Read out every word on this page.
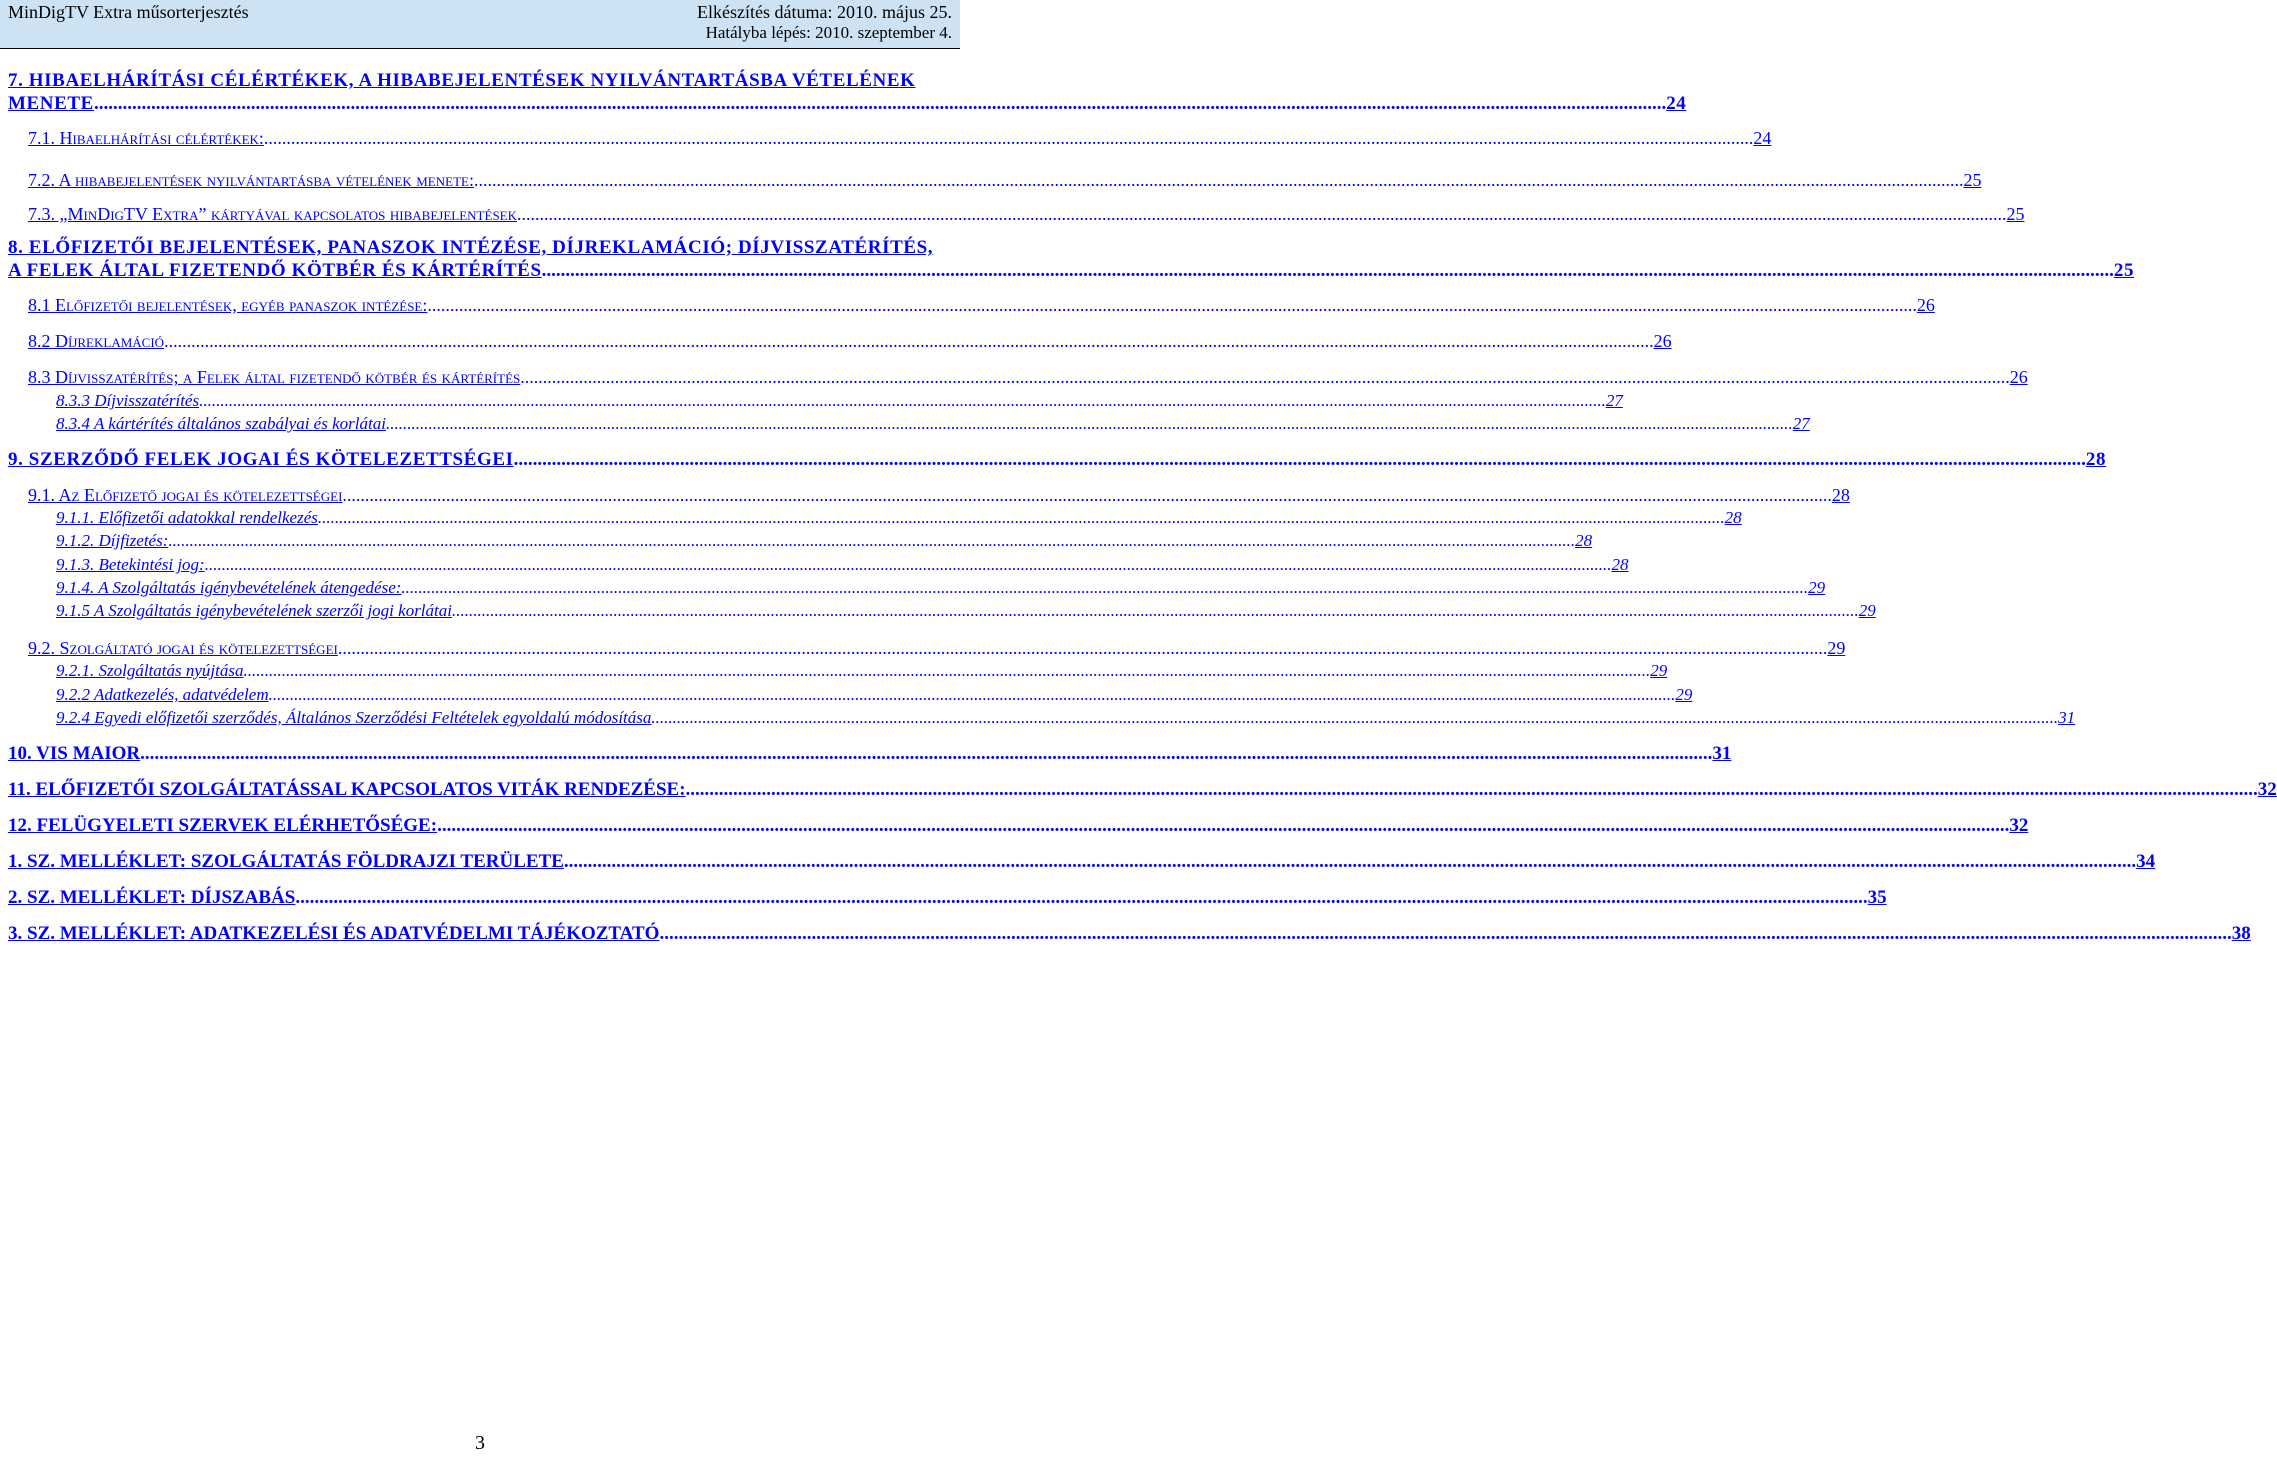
MinDigTV Extra műsorterjesztés	Elkészítés dátuma: 2010. május 25.
Hatályba lépés: 2010. szeptember 4.
7. HIBAELHÁRÍTÁSI CÉLÉRTÉKEK, A HIBABEJELENTÉSEK NYILVÁNTARTÁSBA VÉTELÉNEK
MENETE .....	24
7.1. Hibaelhárítási célértékek: .....	24
7.2. A hibabejelentések nyilvántartásba vételének menete: .....	25
7.3. „MinDigTV Extra” kártyával kapcsolatos hibabejelentések .....	25
8. ELŐFIZETŐI BEJELENTÉSEK, PANASZOK INTÉZÉSE, DÍJREKLAMÁCIÓ; DÍJVISSZATÉRÍTÉS,
A FELEK ÁLTAL FIZETENDŐ KÖTBÉR ÉS KÁRTÉRÍTÉS .....	25
8.1 Előfizetői bejelentések, egyéb panaszok intézése: .....	26
8.2 Díjreklamáció .....	26
8.3 Díjvisszatérítés; a Felek által fizetendő kötbér és kártérítés .....	26
8.3.3 Díjvisszatérítés .....	27
8.3.4 A kártérítés általános szabályai és korlátai .....	27
9. SZERZŐDŐ FELEK JOGAI ÉS KÖTELEZETTSÉGEI .....	28
9.1. Az Előfizető jogai és kötelezettségei .....	28
9.1.1. Előfizetői adatokkal rendelkezés .....	28
9.1.2. Díjfizetés: .....	28
9.1.3. Betekintési jog: .....	28
9.1.4. A Szolgáltatás igénybevételének átengedése: .....	29
9.1.5 A Szolgáltatás igénybevételének szerzői jogi korlátai .....	29
9.2. Szolgáltató jogai és kötelezettségei .....	29
9.2.1. Szolgáltatás nyújtása .....	29
9.2.2 Adatkezelés, adatvédelem .....	29
9.2.4 Egyedi előfizetői szerződés, Általános Szerződési Feltételek egyoldalú módosítása .....	31
10. VIS MAIOR .....	31
11. ELŐFIZETŐI SZOLGÁLTATÁSSAL KAPCSOLATOS VITÁK RENDEZÉSE: .....	32
12. FELÜGYELETI SZERVEK ELÉRHETŐSÉGE: .....	32
1. SZ. MELLÉKLET: SZOLGÁLTATÁS FÖLDRAJZI TERÜLETE .....	34
2. SZ. MELLÉKLET: DÍJSZABÁS .....	35
3. SZ. MELLÉKLET: ADATKEZELÉSI ÉS ADATVÉDELMI TÁJÉKOZTATÓ .....	38
3
